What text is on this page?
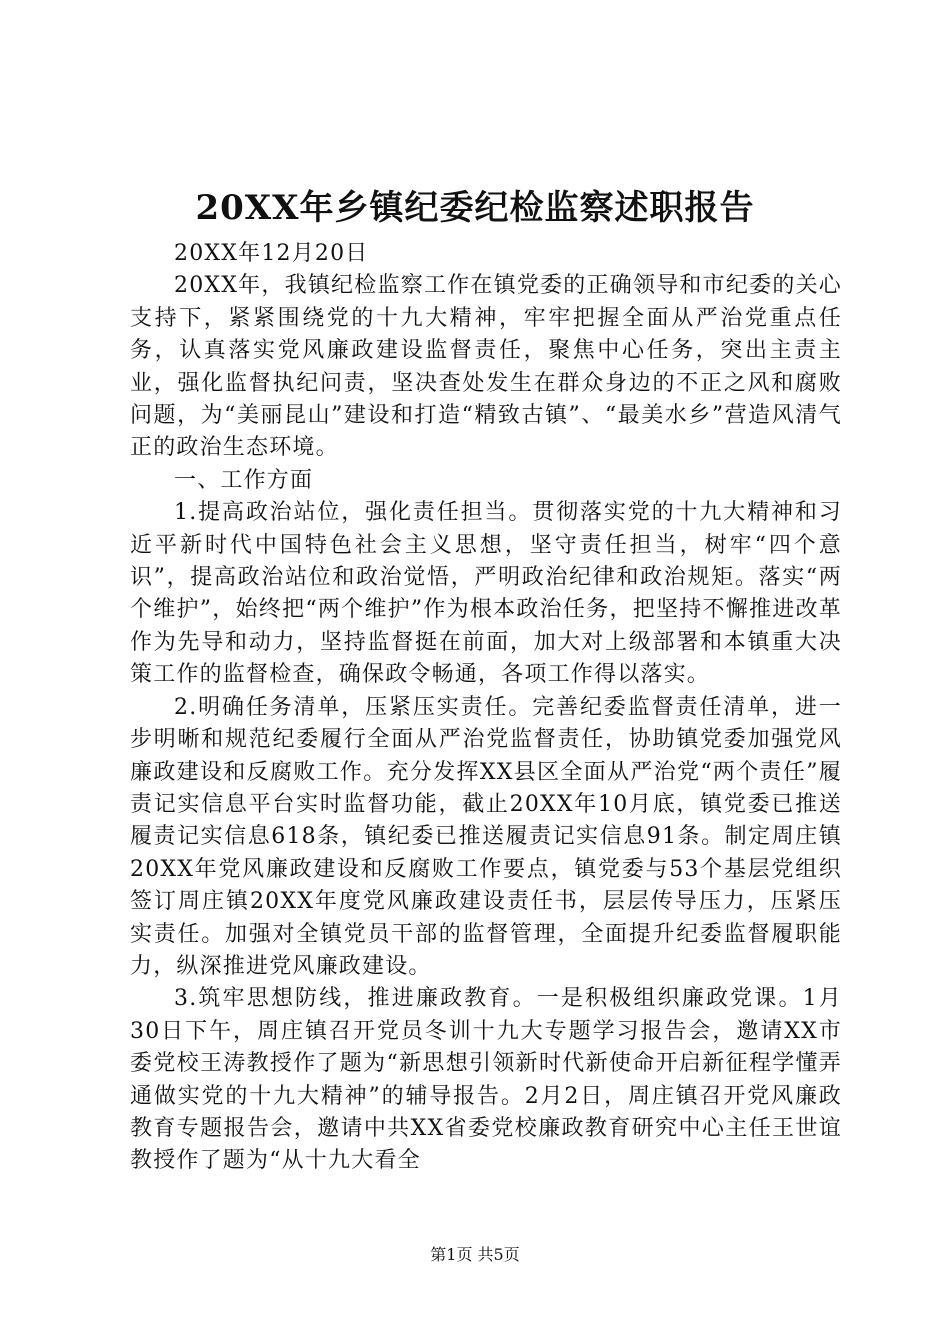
20XX年乡镇纪委纪检监察述职报告

20XX年12月20日

20XX年，我镇纪检监察工作在镇党委的正确领导和市纪委的关心支持下，紧紧围绕党的十九大精神，牢牢把握全面从严治党重点任务，认真落实党风廉政建设监督责任，聚焦中心任务，突出主责主业，强化监督执纪问责，坚决查处发生在群众身边的不正之风和腐败问题，为“美丽昆山”建设和打造“精致古镇”、“最美水乡”营造风清气正的政治生态环境。

一、工作方面

1.提高政治站位，强化责任担当。贯彻落实党的十九大精神和习近平新时代中国特色社会主义思想，坚守责任担当，树牢“四个意识”，提高政治站位和政治觉悟，严明政治纪律和政治规矩。落实“两个维护”，始终把“两个维护”作为根本政治任务，把坚持不懈推进改革作为先导和动力，坚持监督挺在前面，加大对上级部署和本镇重大决策工作的监督检查，确保政令畅通，各项工作得以落实。

2.明确任务清单，压紧压实责任。完善纪委监督责任清单，进一步明晰和规范纪委履行全面从严治党监督责任，协助镇党委加强党风廉政建设和反腐败工作。充分发挥XX县区全面从严治党“两个责任”履责记实信息平台实时监督功能，截止20XX年10月底，镇党委已推送履责记实信息618条，镇纪委已推送履责记实信息91条。制定周庄镇20XX年党风廉政建设和反腐败工作要点，镇党委与53个基层党组织签订周庄镇20XX年度党风廉政建设责任书，层层传导压力，压紧压实责任。加强对全镇党员干部的监督管理，全面提升纪委监督履职能力，纵深推进党风廉政建设。

3.筑牢思想防线，推进廉政教育。一是积极组织廉政党课。1月30日下午，周庄镇召开党员冬训十九大专题学习报告会，邀请XX市委党校王涛教授作了题为“新思想引领新时代新使命开启新征程学懂弄通做实党的十九大精神”的辅导报告。2月2日，周庄镇召开党风廉政教育专题报告会，邀请中共XX省委党校廉政教育研究中心主任王世谊教授作了题为“从十九大看全

第1页 共5页
